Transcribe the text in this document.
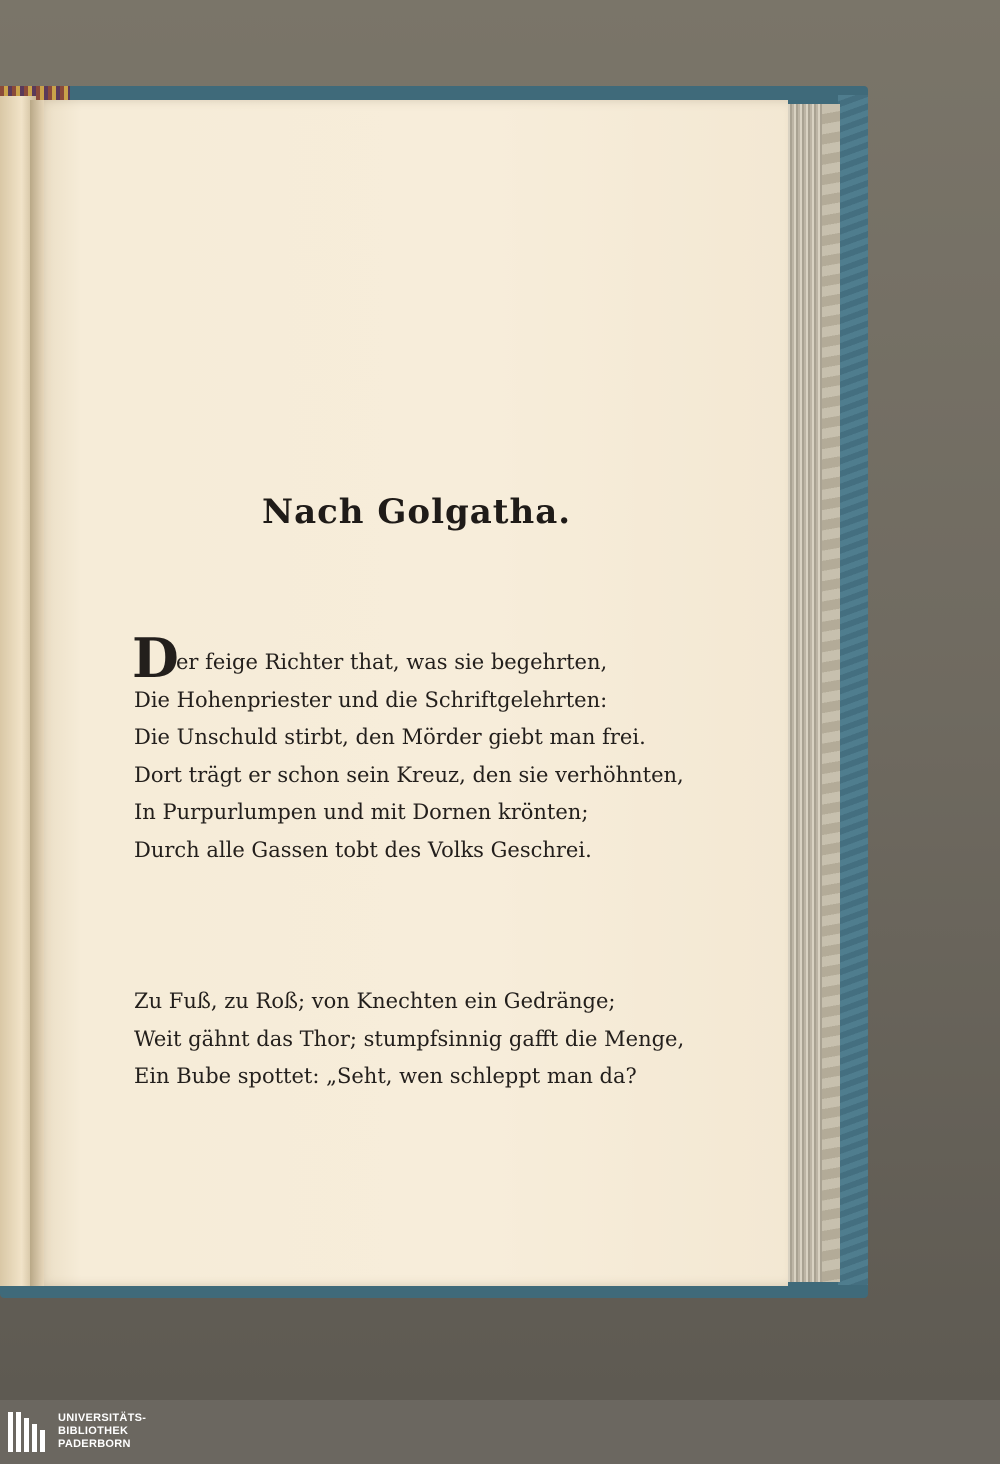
Nach Golgatha.
D
er feige Richter that, was sie begehrten,
Die Hohenpriester und die Schriftgelehrten:
Die Unschuld stirbt, den Mörder giebt man frei.
Dort trägt er schon sein Kreuz, den sie verhöhnten,
In Purpurlumpen und mit Dornen krönten;
Durch alle Gassen tobt des Volks Geschrei.
Zu Fuß, zu Roß; von Knechten ein Gedränge;
Weit gähnt das Thor; stumpfsinnig gafft die Menge,
Ein Bube spottet: „Seht, wen schleppt man da?
UNIVERSITÄTS-
BIBLIOTHEK
PADERBORN
